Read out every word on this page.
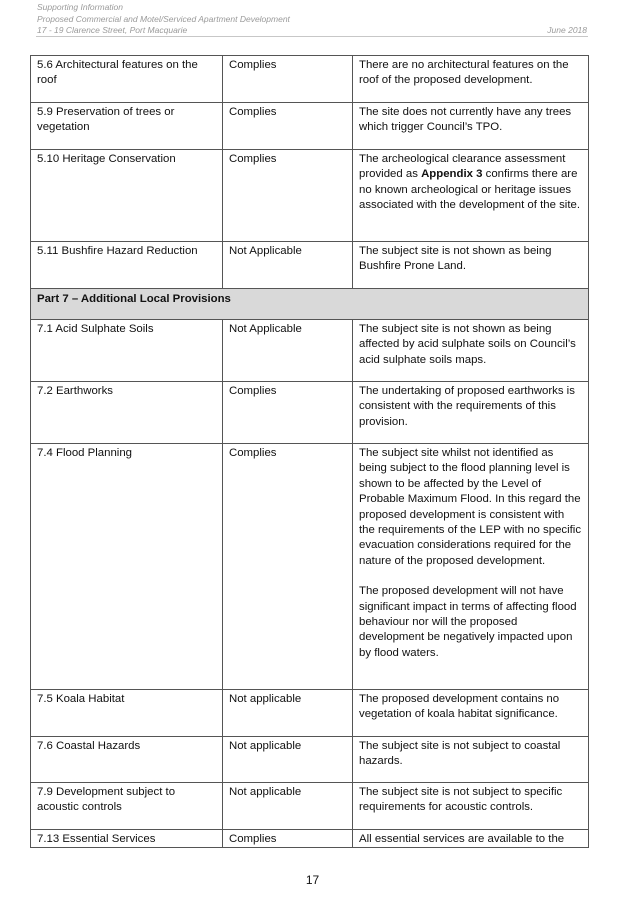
Supporting Information
Proposed Commercial and Motel/Serviced Apartment Development
17 - 19 Clarence Street, Port Macquarie	June 2018
5.6 Architectural features on the roof	Complies	There are no architectural features on the roof of the proposed development.

5.9 Preservation of trees or vegetation	Complies	The site does not currently have any trees which trigger Council’s TPO.

5.10 Heritage Conservation	Complies	The archeological clearance assessment provided as Appendix 3 confirms there are no known archeological or heritage issues associated with the development of the site.
5.11 Bushfire Hazard Reduction	Not Applicable	The subject site is not shown as being Bushfire Prone Land.

Part 7 – Additional Local Provisions		
7.1 Acid Sulphate Soils	Not Applicable	The subject site is not shown as being affected by acid sulphate soils on Council’s acid sulphate soils maps.

7.2 Earthworks	Complies	The undertaking of proposed earthworks is consistent with the requirements of this provision.

7.4 Flood Planning	Complies	The subject site whilst not identified as being subject to the flood planning level is shown to be affected by the Level of Probable Maximum Flood. In this regard the proposed development is consistent with the requirements of the LEP with no specific evacuation considerations required for the nature of the proposed development.
The proposed development will not have significant impact in terms of affecting flood behaviour nor will the proposed development be negatively impacted upon by flood waters.

7.5 Koala Habitat	Not applicable	The proposed development contains no vegetation of koala habitat significance.

7.6 Coastal Hazards	Not applicable	The subject site is not subject to coastal hazards.

7.9 Development subject to acoustic controls	Not applicable	The subject site is not subject to specific requirements for acoustic controls.

7.13 Essential Services	Complies	All essential services are available to the
17
